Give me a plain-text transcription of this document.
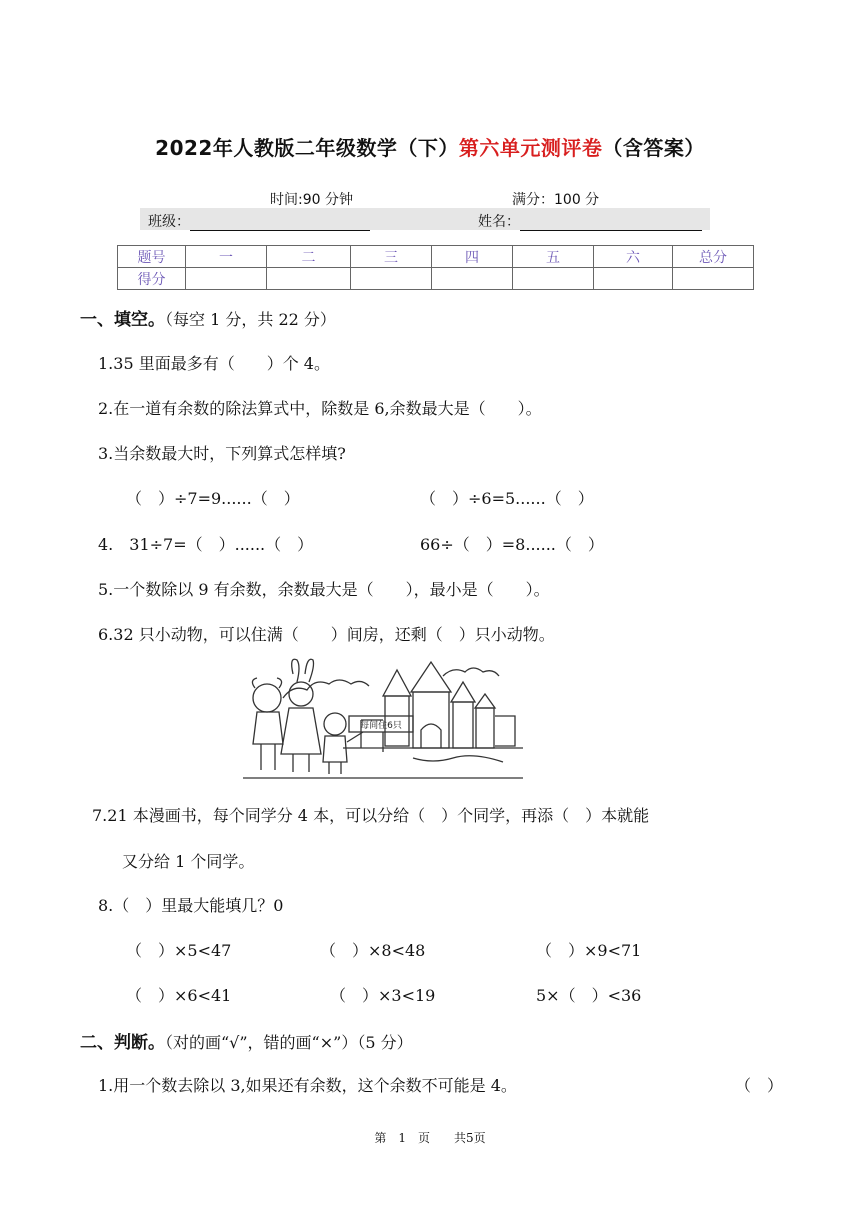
2022年人教版二年级数学（下）第六单元测评卷（含答案）
时间:90 分钟	满分：100 分
班级：	姓名：
题号	一	二	三	四	五	六	总分
得分							
一、填空。（每空 1 分，共 22 分）
1.35 里面最多有（　　）个 4。
2.在一道有余数的除法算式中，除数是 6,余数最大是（　　）。
3.当余数最大时，下列算式怎样填?
（　）÷7=9......（　）	（　）÷6=5......（　）
4.　31÷7=（　）......（　）	66÷（　）=8......（　）
5.一个数除以 9 有余数，余数最大是（　　），最小是（　　）。
6.32 只小动物，可以住满（　　）间房，还剩（　）只小动物。
每间住6只
7.21 本漫画书，每个同学分 4 本，可以分给（　）个同学，再添（　）本就能
又分给 1 个同学。
8.（　）里最大能填几？0
（　）×5<47	（　）×8<48	（　）×9<71
（　）×6<41	（　）×3<19	5×（　）<36
二、判断。（对的画“√”，错的画“×”）（5 分）
1.用一个数去除以 3,如果还有余数，这个余数不可能是 4。	（　）
第　1　页　　共5页
